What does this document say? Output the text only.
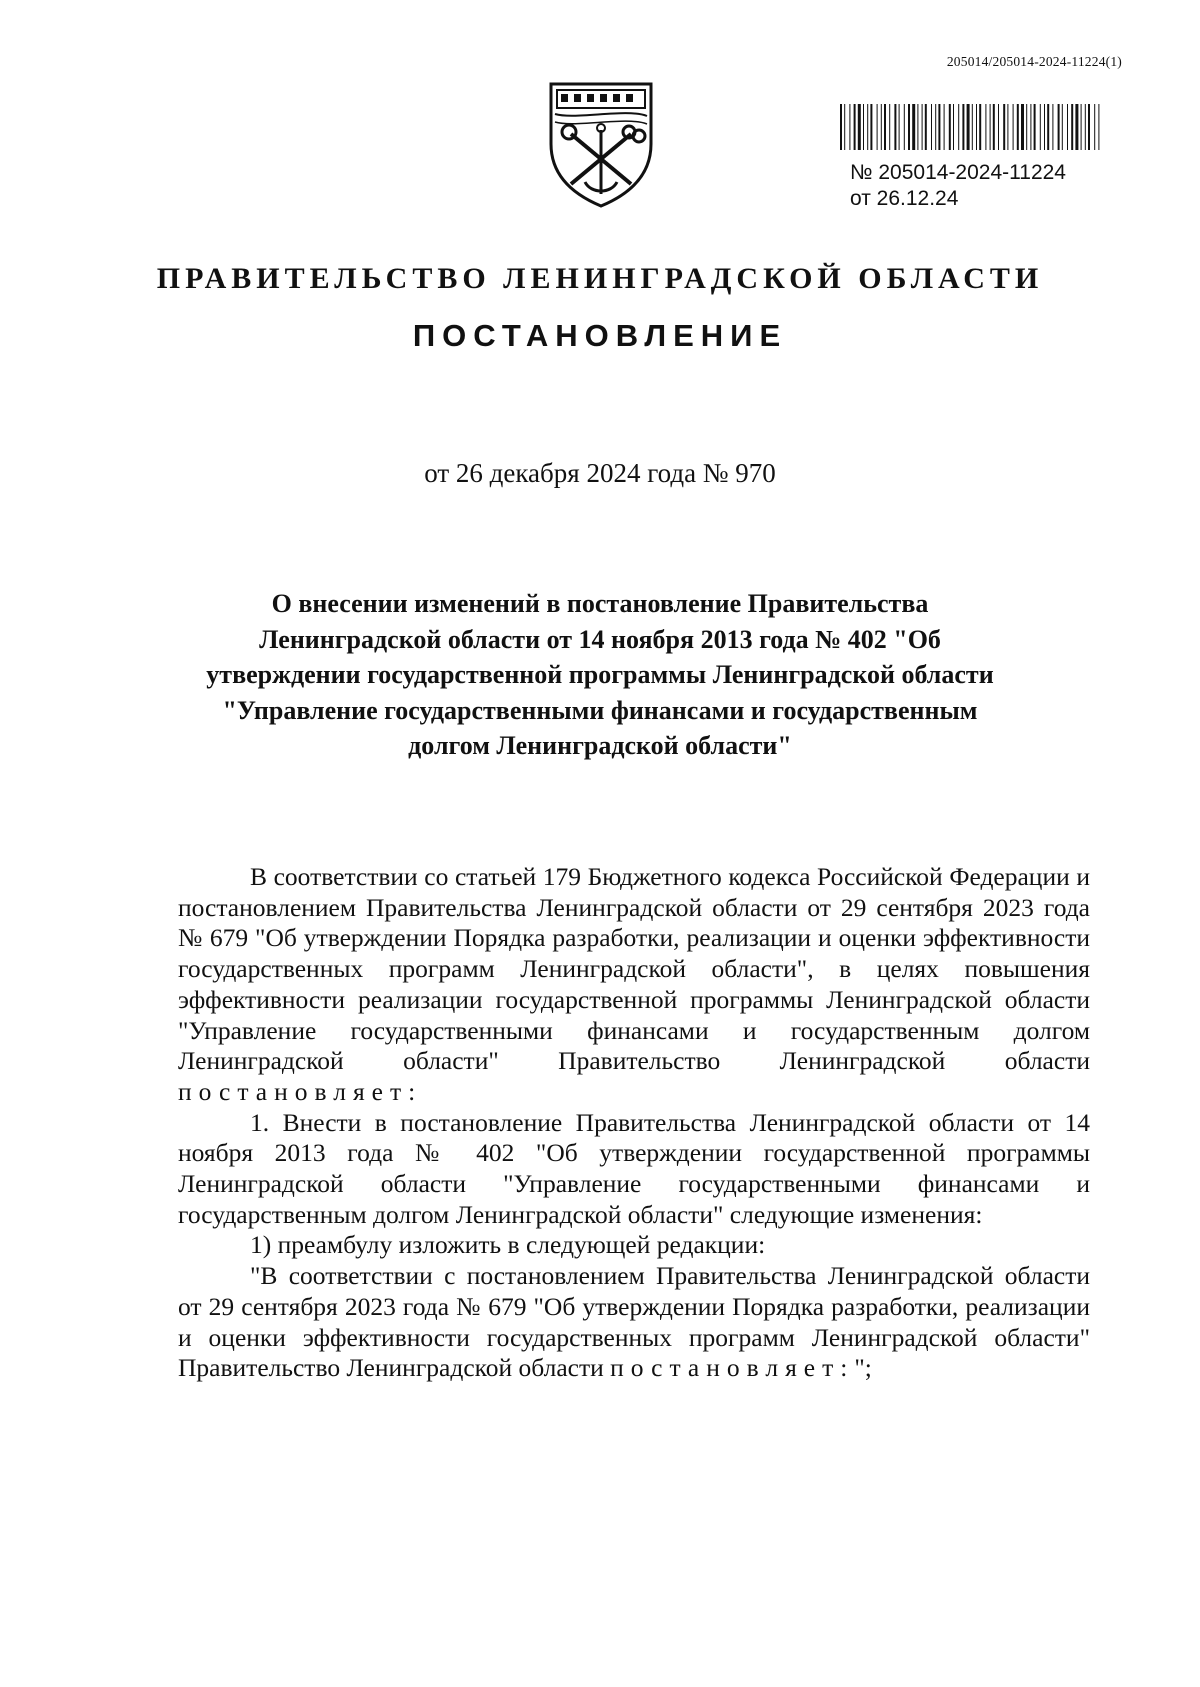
205014/205014-2024-11224(1)
№ 205014-2024-11224
от 26.12.24
ПРАВИТЕЛЬСТВО ЛЕНИНГРАДСКОЙ ОБЛАСТИ
ПОСТАНОВЛЕНИЕ
от 26 декабря 2024 года № 970
О внесении изменений в постановление Правительства Ленинградской области от 14 ноября 2013 года № 402 "Об утверждении государственной программы Ленинградской области "Управление государственными финансами и государственным долгом Ленинградской области"

В соответствии со статьей 179 Бюджетного кодекса Российской Федерации и постановлением Правительства Ленинградской области от 29 сентября 2023 года № 679 "Об утверждении Порядка разработки, реализации и оценки эффективности государственных программ Ленинградской области", в целях повышения эффективности реализации государственной программы Ленинградской области "Управление государственными финансами и государственным долгом Ленинградской области" Правительство Ленинградской области постановляет:

1. Внести в постановление Правительства Ленинградской области от 14 ноября 2013 года № 402 "Об утверждении государственной программы Ленинградской области "Управление государственными финансами и государственным долгом Ленинградской области" следующие изменения:

1) преамбулу изложить в следующей редакции:

"В соответствии с постановлением Правительства Ленинградской области от 29 сентября 2023 года № 679 "Об утверждении Порядка разработки, реализации и оценки эффективности государственных программ Ленинградской области" Правительство Ленинградской области постановляет:";
